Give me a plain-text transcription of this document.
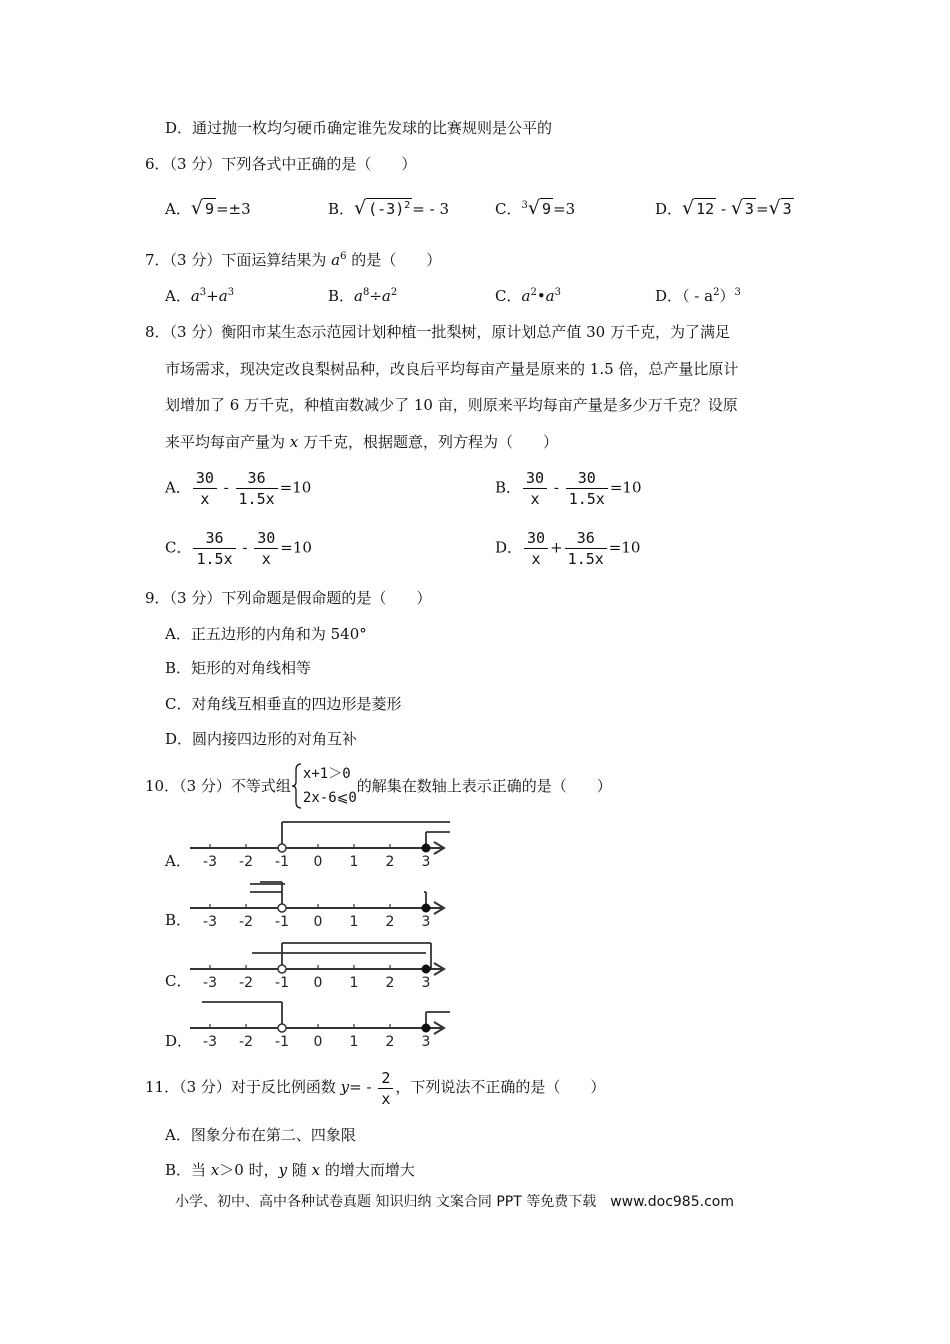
D．通过抛一枚均匀硬币确定谁先发球的比赛规则是公平的
6．（3 分）下列各式中正确的是（　　）
A．√ 9 =±3	B．√ $(-3)^2$ = - 3	C．$^3$√ 9 =3	D．√ 12 - √ 3 =√ 3
7．（3 分）下面运算结果为 $a^6$ 的是（　　）
A．$a^3+a^3$	B．$a^8\div a^2$	C．$a^2•a^3$	D．（ - $a^2)^3$
8．（3 分）衡阳市某生态示范园计划种植一批梨树，原计划总产值 30 万千克，为了满足
市场需求，现决定改良梨树品种，改良后平均每亩产量是原来的 1.5 倍，总产量比原计
划增加了 6 万千克，种植亩数减少了 10 亩，则原来平均每亩产量是多少万千克？设原
来平均每亩产量为 x 万千克，根据题意，列方程为（　　）
A． $\frac{30}{x} - \frac{36}{1.5x} =10$	B． $\frac{30}{x} - \frac{30}{1.5x} =10$
C． $\frac{36}{1.5x} - \frac{30}{x} =10$	D． $\frac{30}{x} + \frac{36}{1.5x} =10$
9．（3 分）下列命题是假命题的是（　　）
A．正五边形的内角和为 540°
B．矩形的对角线相等
C．对角线互相垂直的四边形是菱形
D．圆内接四边形的对角互补
10．（3 分）不等式组
x+1＞0
2x-6⩽0
的解集在数轴上表示正确的是（　　）
A．
B．
C．
D．
-3 -2 -1 0 1 2 3
-3 -2 -1 0 1 2 3
-3 -2 -1 0 1 2 3
-3 -2 -1 0 1 2 3
11．（3 分）对于反比例函数 $y= - \frac{2}{x}$ ，下列说法不正确的是（　　）
A．图象分布在第二、四象限
B．当 x＞0 时，y 随 x 的增大而增大
小学、初中、高中各种试卷真题 知识归纳 文案合同 PPT 等免费下载　www.doc985.com
